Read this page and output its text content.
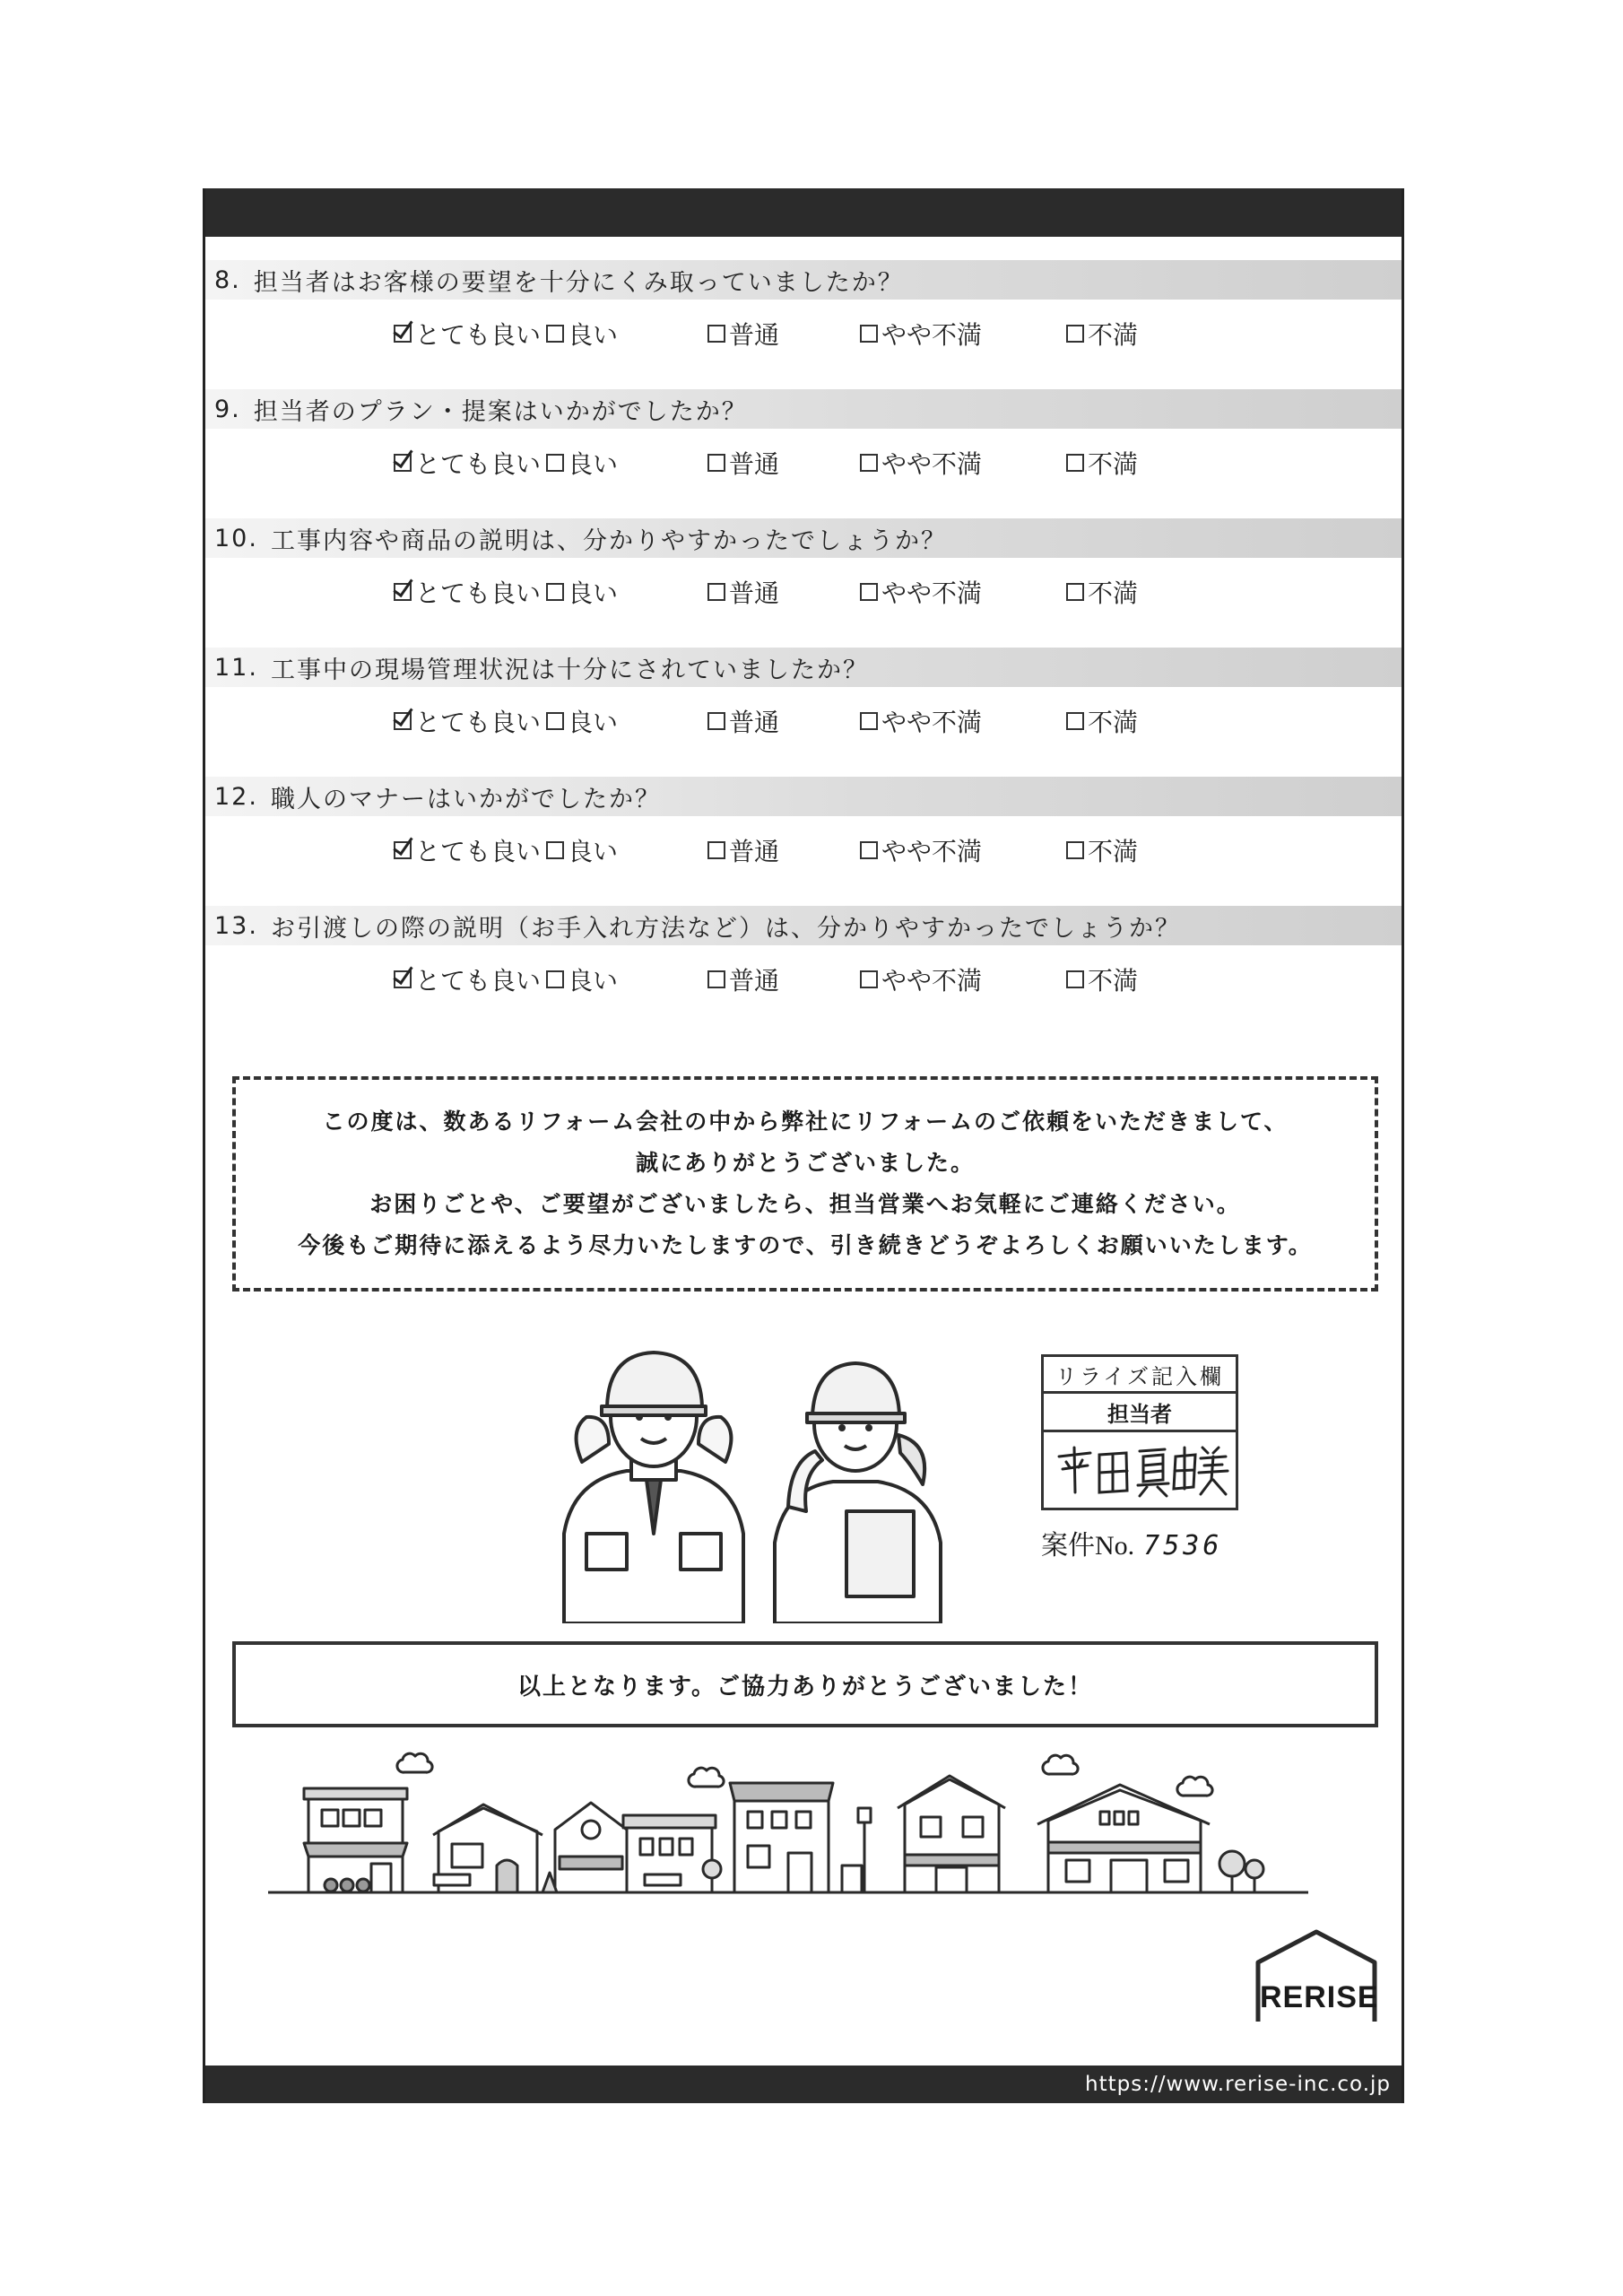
8. 担当者はお客様の要望を十分にくみ取っていましたか？
とても良い 良い	普通	やや不満	不満
9. 担当者のプラン・提案はいかがでしたか？
とても良い 良い	普通	やや不満	不満
10. 工事内容や商品の説明は、分かりやすかったでしょうか？
とても良い 良い	普通	やや不満	不満
11. 工事中の現場管理状況は十分にされていましたか？
とても良い 良い	普通	やや不満	不満
12. 職人のマナーはいかがでしたか？
とても良い 良い	普通	やや不満	不満
13. お引渡しの際の説明（お手入れ方法など）は、分かりやすかったでしょうか？
とても良い 良い	普通	やや不満	不満
この度は、数あるリフォーム会社の中から弊社にリフォームのご依頼をいただきまして、
誠にありがとうございました。
お困りごとや、ご要望がございましたら、担当営業へお気軽にご連絡ください。
今後もご期待に添えるよう尽力いたしますので、引き続きどうぞよろしくお願いいたします。
リライズ記入欄
担当者
案件No. 7536
以上となります。ご協力ありがとうございました！
RERISE
https://www.rerise-inc.co.jp
